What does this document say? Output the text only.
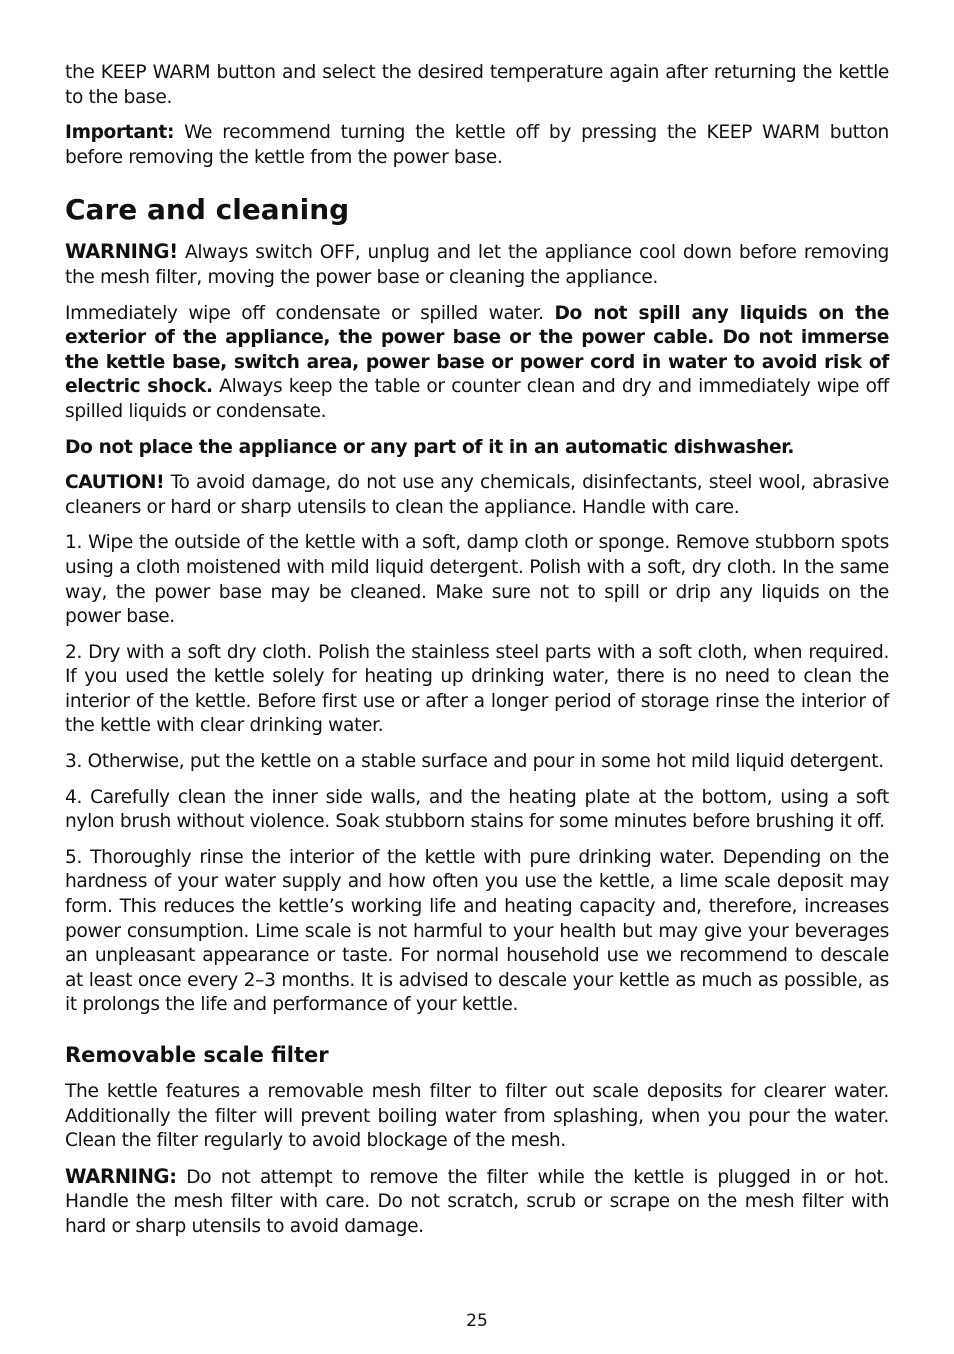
the KEEP WARM button and select the desired temperature again after returning the kettle to the base.

Important: We recommend turning the kettle off by pressing the KEEP WARM button before removing the kettle from the power base.

Care and cleaning

WARNING! Always switch OFF, unplug and let the appliance cool down before removing the mesh filter, moving the power base or cleaning the appliance.

Immediately wipe off condensate or spilled water. Do not spill any liquids on the exterior of the appliance, the power base or the power cable. Do not immerse the kettle base, switch area, power base or power cord in water to avoid risk of electric shock. Always keep the table or counter clean and dry and immediately wipe off spilled liquids or condensate.

Do not place the appliance or any part of it in an automatic dishwasher.

CAUTION! To avoid damage, do not use any chemicals, disinfectants, steel wool, abrasive cleaners or hard or sharp utensils to clean the appliance. Handle with care.

1. Wipe the outside of the kettle with a soft, damp cloth or sponge. Remove stubborn spots using a cloth moistened with mild liquid detergent. Polish with a soft, dry cloth. In the same way, the power base may be cleaned. Make sure not to spill or drip any liquids on the power base.

2. Dry with a soft dry cloth. Polish the stainless steel parts with a soft cloth, when required. If you used the kettle solely for heating up drinking water, there is no need to clean the interior of the kettle. Before first use or after a longer period of storage rinse the interior of the kettle with clear drinking water.

3. Otherwise, put the kettle on a stable surface and pour in some hot mild liquid detergent.

4. Carefully clean the inner side walls, and the heating plate at the bottom, using a soft nylon brush without violence. Soak stubborn stains for some minutes before brushing it off.

5. Thoroughly rinse the interior of the kettle with pure drinking water. Depending on the hardness of your water supply and how often you use the kettle, a lime scale deposit may form. This reduces the kettle’s working life and heating capacity and, therefore, increases power consumption. Lime scale is not harmful to your health but may give your beverages an unpleasant appearance or taste. For normal household use we recommend to descale at least once every 2–3 months. It is advised to descale your kettle as much as possible, as it prolongs the life and performance of your kettle.

Removable scale filter

The kettle features a removable mesh filter to filter out scale deposits for clearer water. Additionally the filter will prevent boiling water from splashing, when you pour the water. Clean the filter regularly to avoid blockage of the mesh.

WARNING: Do not attempt to remove the filter while the kettle is plugged in or hot. Handle the mesh filter with care. Do not scratch, scrub or scrape on the mesh filter with hard or sharp utensils to avoid damage.

25
